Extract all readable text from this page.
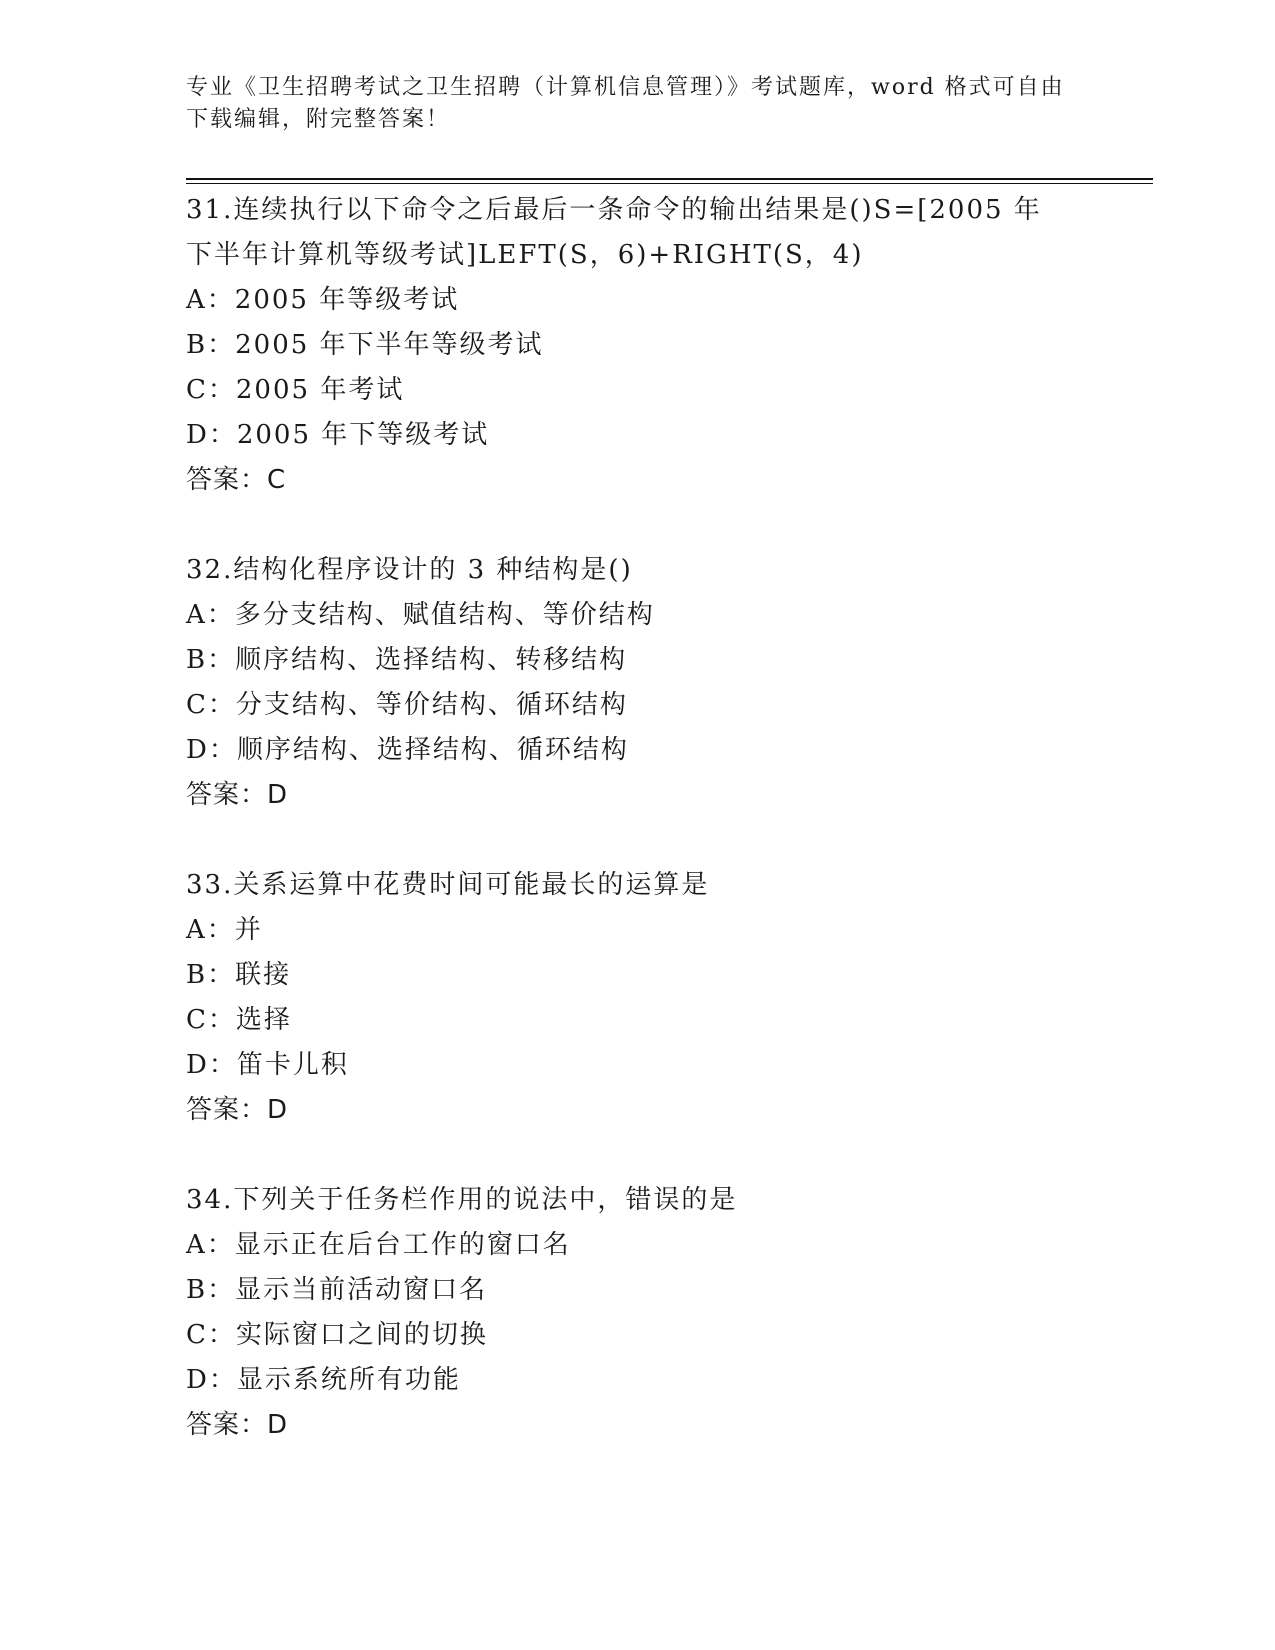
专业《卫生招聘考试之卫生招聘（计算机信息管理）》考试题库，word 格式可自由下载编辑，附完整答案！
31.连续执行以下命令之后最后一条命令的输出结果是()S=[2005 年下半年计算机等级考试]LEFT(S，6)+RIGHT(S，4)
A：2005 年等级考试
B：2005 年下半年等级考试
C：2005 年考试
D：2005 年下等级考试
答案：C
32.结构化程序设计的 3 种结构是()
A：多分支结构、赋值结构、等价结构
B：顺序结构、选择结构、转移结构
C：分支结构、等价结构、循环结构
D：顺序结构、选择结构、循环结构
答案：D
33.关系运算中花费时间可能最长的运算是
A：并
B：联接
C：选择
D：笛卡儿积
答案：D
34.下列关于任务栏作用的说法中，错误的是
A：显示正在后台工作的窗口名
B：显示当前活动窗口名
C：实际窗口之间的切换
D：显示系统所有功能
答案：D
